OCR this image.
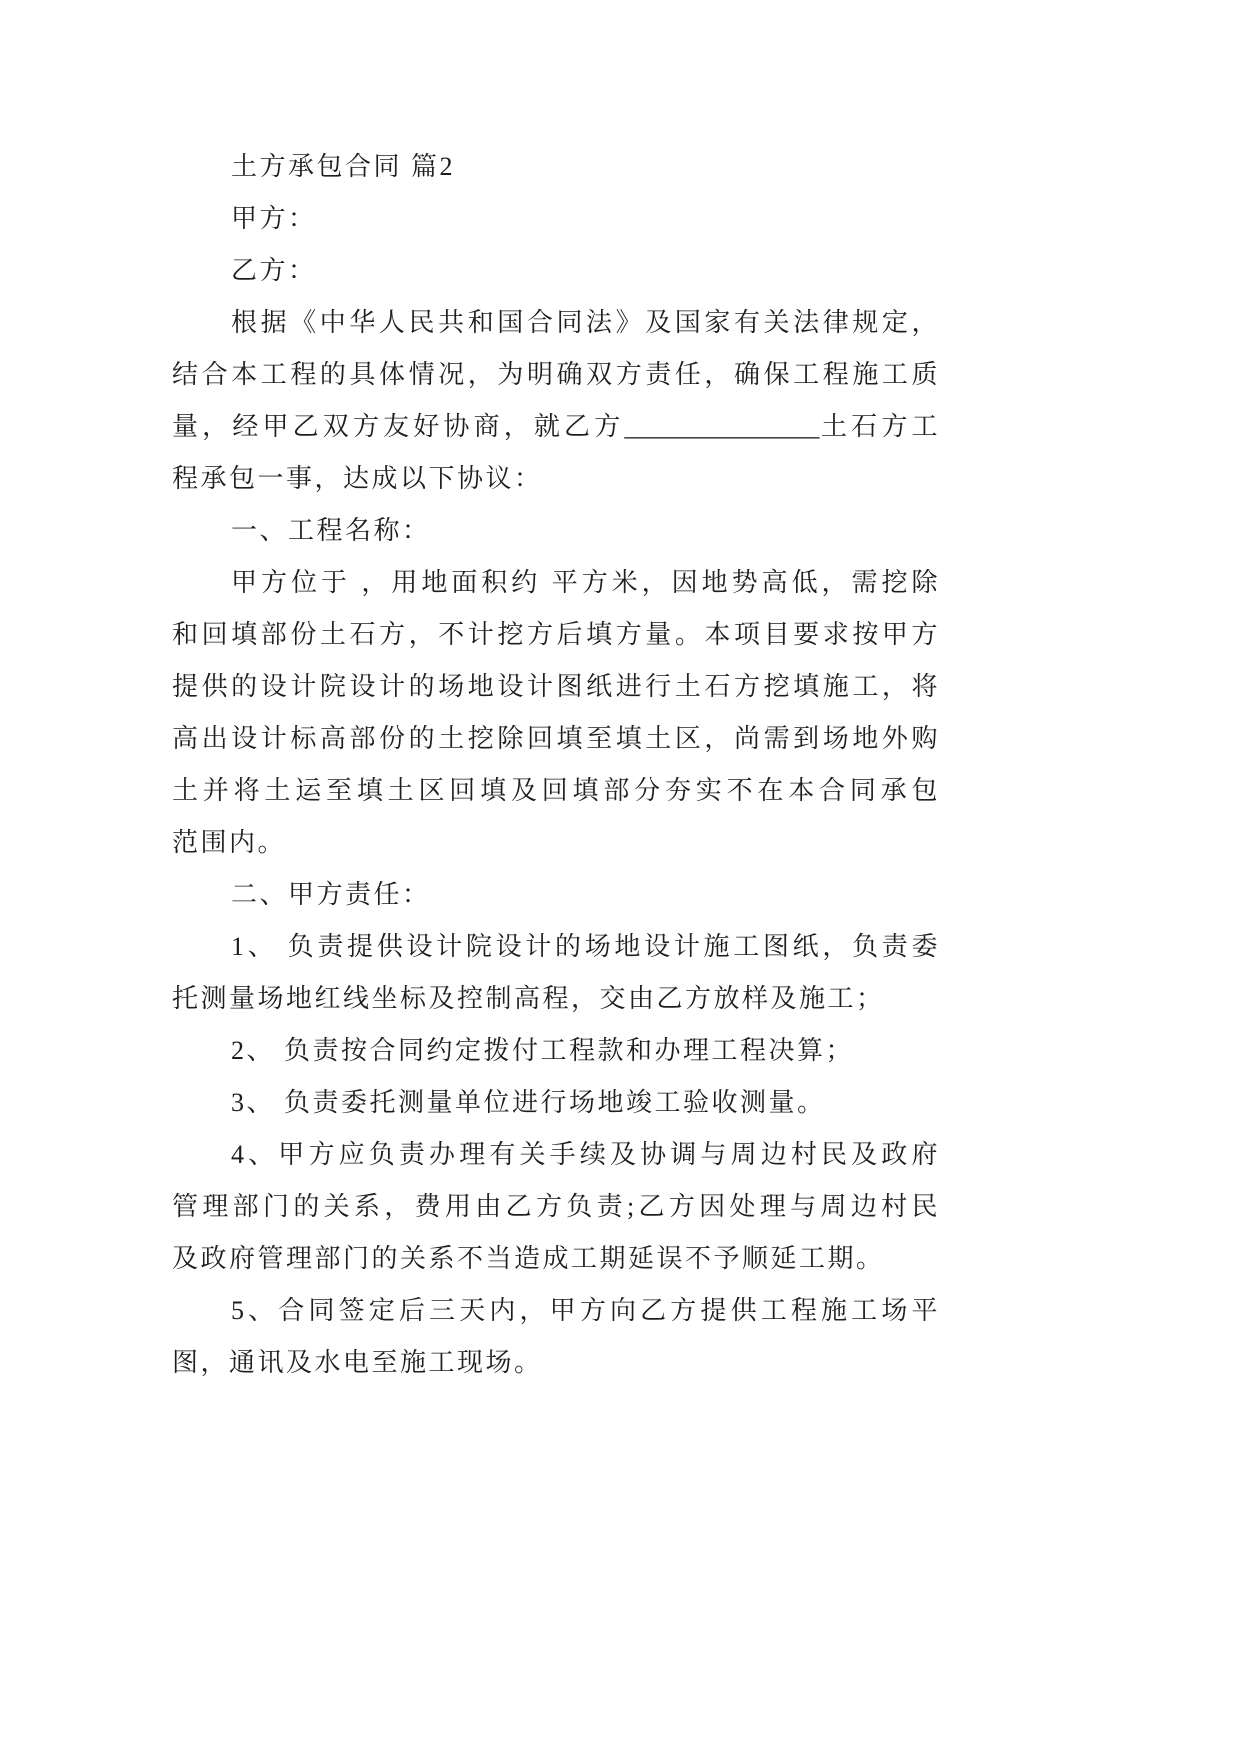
土方承包合同 篇2
甲方：
乙方：
根据《中华人民共和国合同法》及国家有关法律规定，
结合本工程的具体情况，为明确双方责任，确保工程施工质
量，经甲乙双方友好协商，就乙方_______________土石方工
程承包一事，达成以下协议：
一、工程名称：
甲方位于 ，用地面积约 平方米，因地势高低，需挖除
和回填部份土石方，不计挖方后填方量。本项目要求按甲方
提供的设计院设计的场地设计图纸进行土石方挖填施工，将
高出设计标高部份的土挖除回填至填土区，尚需到场地外购
土并将土运至填土区回填及回填部分夯实不在本合同承包
范围内。
二、甲方责任：
1、 负责提供设计院设计的场地设计施工图纸，负责委
托测量场地红线坐标及控制高程，交由乙方放样及施工；
2、 负责按合同约定拨付工程款和办理工程决算；
3、 负责委托测量单位进行场地竣工验收测量。
4、甲方应负责办理有关手续及协调与周边村民及政府
管理部门的关系，费用由乙方负责;乙方因处理与周边村民
及政府管理部门的关系不当造成工期延误不予顺延工期。
5、合同签定后三天内，甲方向乙方提供工程施工场平
图，通讯及水电至施工现场。
